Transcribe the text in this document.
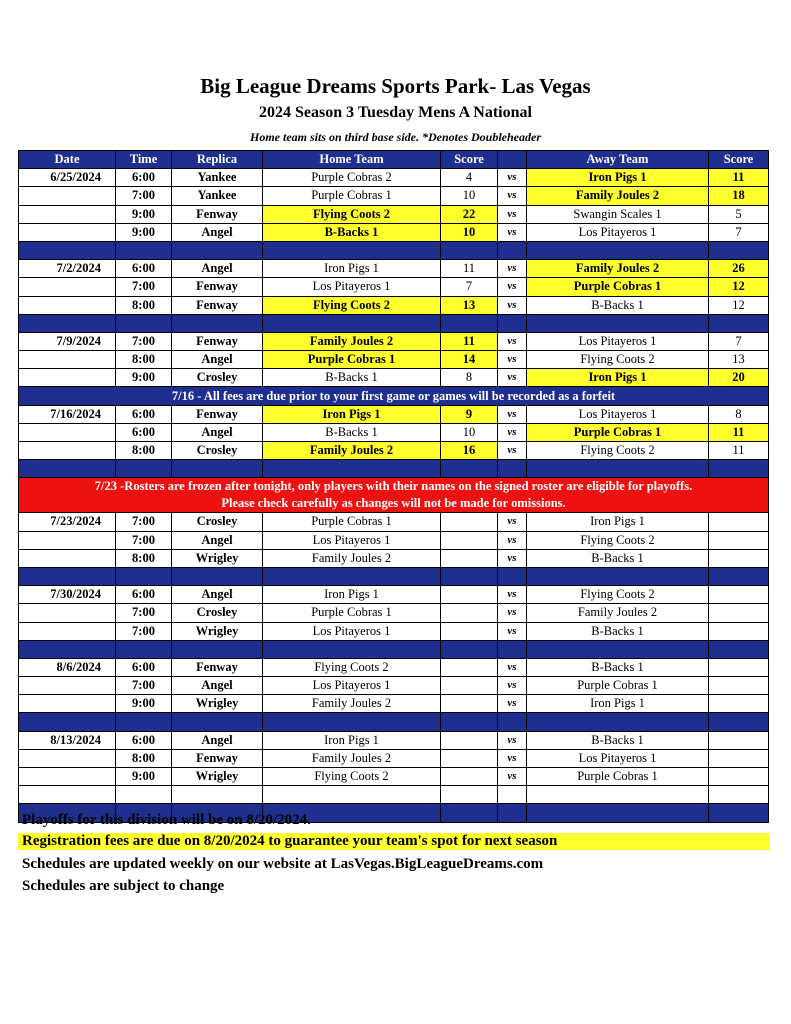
Big League Dreams Sports Park- Las Vegas
2024 Season 3 Tuesday Mens A National
Home team sits on third base side. *Denotes Doubleheader
Date	Time	Replica	Home Team	Score		Away Team	Score
6/25/2024	6:00	Yankee	Purple Cobras 2	4	vs	Iron Pigs 1	11
	7:00	Yankee	Purple Cobras 1	10	vs	Family Joules 2	18
	9:00	Fenway	Flying Coots 2	22	vs	Swangin Scales 1	5
	9:00	Angel	B-Backs 1	10	vs	Los Pitayeros 1	7

7/2/2024	6:00	Angel	Iron Pigs 1	11	vs	Family Joules 2	26
	7:00	Fenway	Los Pitayeros 1	7	vs	Purple Cobras 1	12
	8:00	Fenway	Flying Coots 2	13	vs	B-Backs 1	12

7/9/2024	7:00	Fenway	Family Joules 2	11	vs	Los Pitayeros 1	7
	8:00	Angel	Purple Cobras 1	14	vs	Flying Coots 2	13
	9:00	Crosley	B-Backs 1	8	vs	Iron Pigs 1	20
7/16 - All fees are due prior to your first game or games will be recorded as a forfeit							
7/16/2024	6:00	Fenway	Iron Pigs 1	9	vs	Los Pitayeros 1	8
	6:00	Angel	B-Backs 1	10	vs	Purple Cobras 1	11
	8:00	Crosley	Family Joules 2	16	vs	Flying Coots 2	11

7/23 -Rosters are frozen after tonight, only players with their names on the signed roster are eligible for playoffs.
Please check carefully as changes will not be made for omissions.							

7/23/2024	7:00	Crosley	Purple Cobras 1		vs	Iron Pigs 1	
	7:00	Angel	Los Pitayeros 1		vs	Flying Coots 2	
	8:00	Wrigley	Family Joules 2		vs	B-Backs 1	

7/30/2024	6:00	Angel	Iron Pigs 1		vs	Flying Coots 2	
	7:00	Crosley	Purple Cobras 1		vs	Family Joules 2	
	7:00	Wrigley	Los Pitayeros 1		vs	B-Backs 1	

8/6/2024	6:00	Fenway	Flying Coots 2		vs	B-Backs 1	
	7:00	Angel	Los Pitayeros 1		vs	Purple Cobras 1	
	9:00	Wrigley	Family Joules 2		vs	Iron Pigs 1	

8/13/2024	6:00	Angel	Iron Pigs 1		vs	B-Backs 1	
	8:00	Fenway	Family Joules 2		vs	Los Pitayeros 1	
	9:00	Wrigley	Flying Coots 2		vs	Purple Cobras 1	

Playoffs for this division will be on 8/20/2024.
Registration fees are due on 8/20/2024 to guarantee your team's spot for next season
Schedules are updated weekly on our website at LasVegas.BigLeagueDreams.com
Schedules are subject to change
